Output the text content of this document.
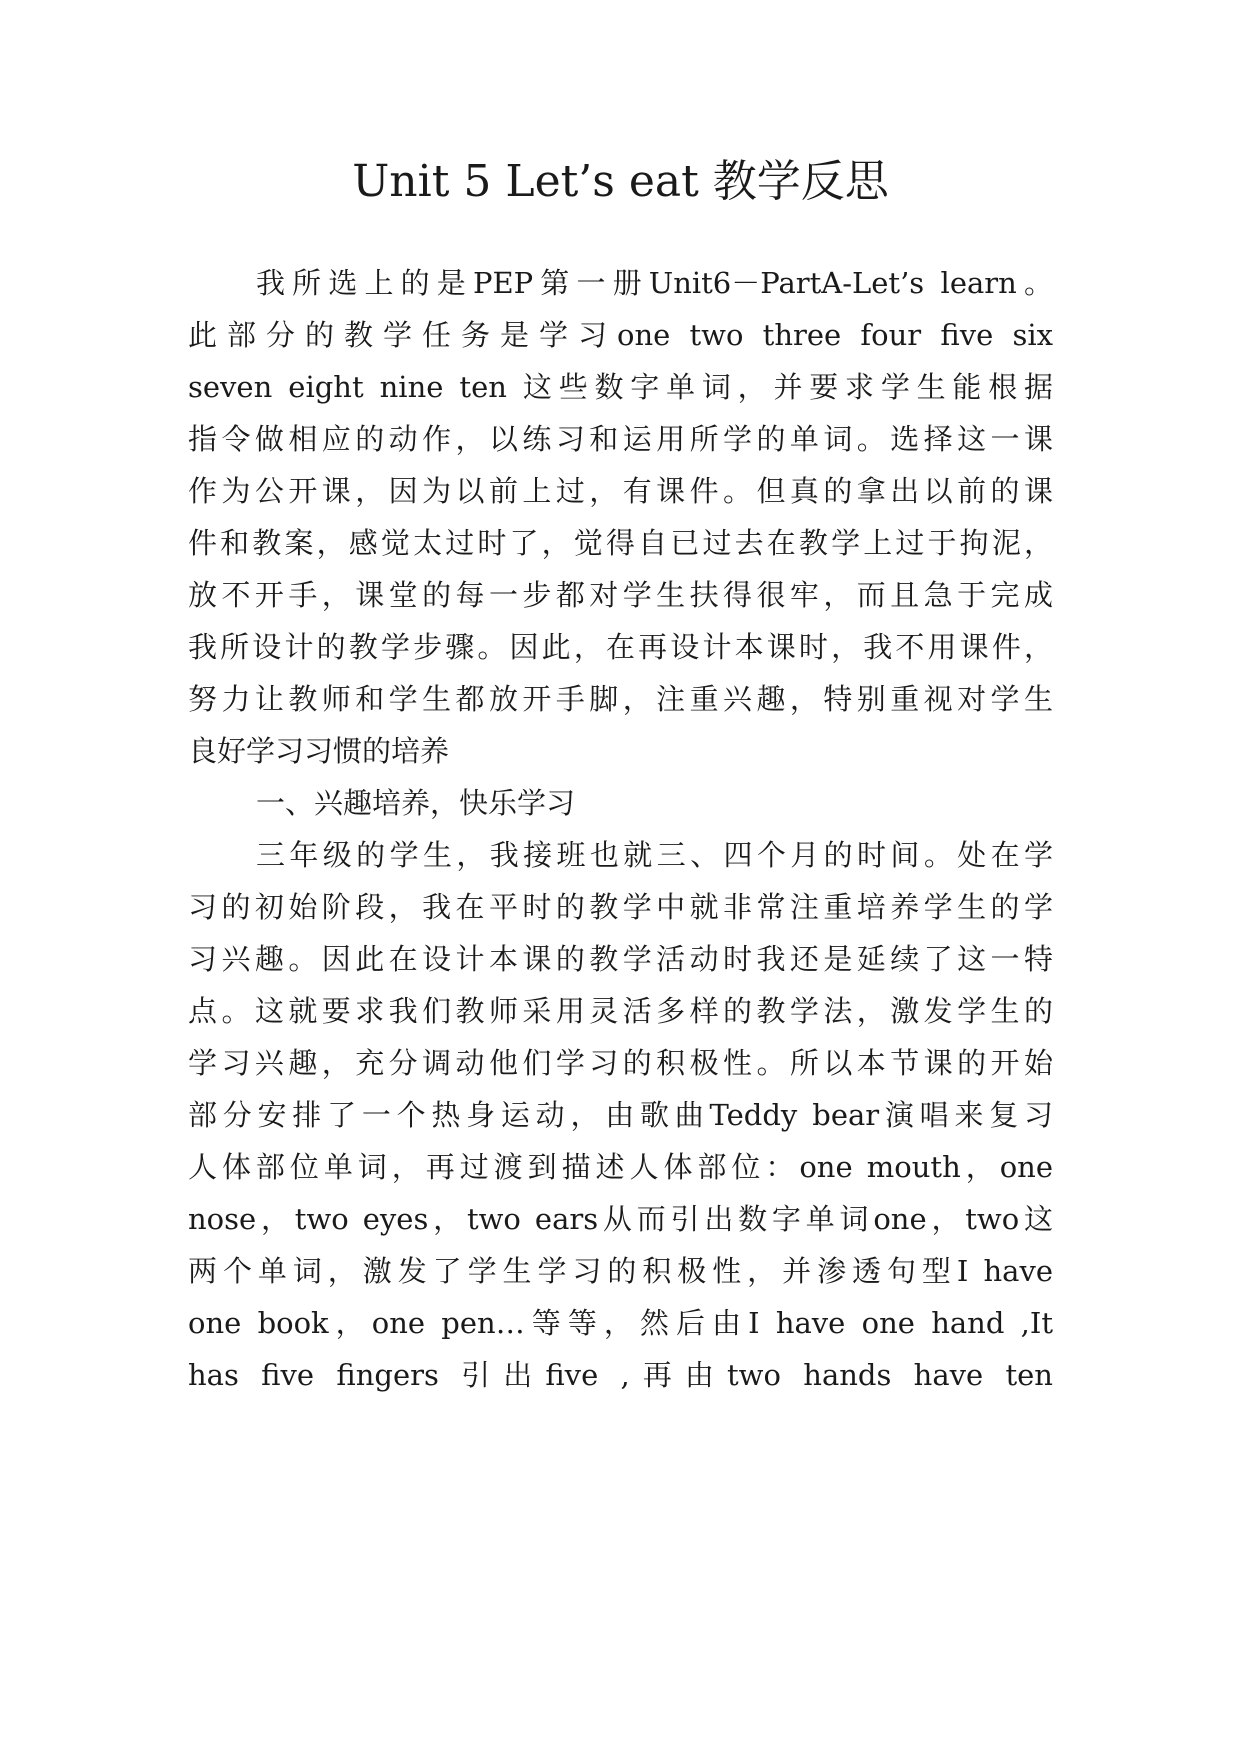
Unit 5 Let’s eat 教学反思
我所选上的是PEP第一册Unit6－PartA-Let’s learn。
此部分的教学任务是学习one two three four five six
seven eight nine ten 这些数字单词，并要求学生能根据
指令做相应的动作，以练习和运用所学的单词。选择这一课
作为公开课，因为以前上过，有课件。但真的拿出以前的课
件和教案，感觉太过时了，觉得自已过去在教学上过于拘泥，
放不开手，课堂的每一步都对学生扶得很牢，而且急于完成
我所设计的教学步骤。因此，在再设计本课时，我不用课件，
努力让教师和学生都放开手脚，注重兴趣，特别重视对学生
良好学习习惯的培养
一、兴趣培养，快乐学习
三年级的学生，我接班也就三、四个月的时间。处在学
习的初始阶段，我在平时的教学中就非常注重培养学生的学
习兴趣。因此在设计本课的教学活动时我还是延续了这一特
点。这就要求我们教师采用灵活多样的教学法，激发学生的
学习兴趣，充分调动他们学习的积极性。所以本节课的开始
部分安排了一个热身运动，由歌曲Teddy bear演唱来复习
人体部位单词，再过渡到描述人体部位：one mouth，one
nose，two eyes，two ears从而引出数字单词one，two这
两个单词，激发了学生学习的积极性，并渗透句型I have
one book，one pen…等等，然后由I have one hand ,It
has five fingers 引出five ,再由two hands have ten
